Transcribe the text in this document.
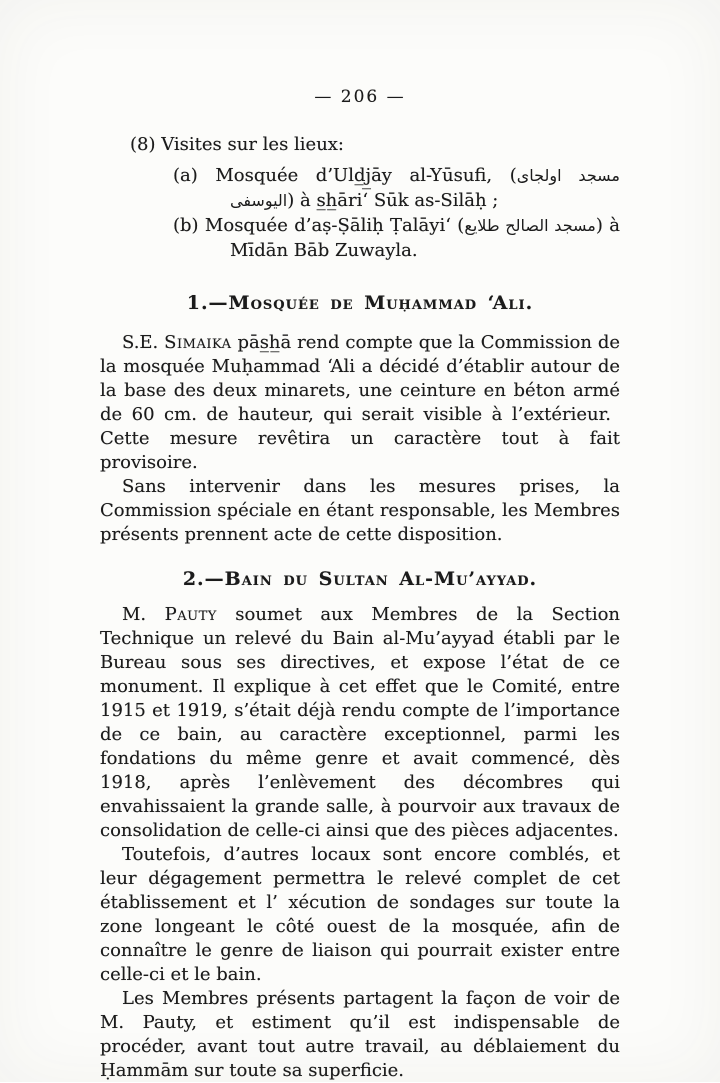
— 206 —
(8) Visites sur les lieux:
(a) Mosquée d’Uld̲j̲āy al-Yūsufi, (مسجد اولجاى اليوسفى) à s̲h̲āri‘ Sūk as-Silāḥ ;
(b) Mosquée d’aṣ-Ṣāliḥ Ṭalāyi‘ (مسجد الصالح طلايع) à Mīdān Bāb Zuwayla.
1.—Mosquée de Muḥammad ‘Ali.

S.E. Simaika pās̲h̲ā rend compte que la Commission de la mosquée Muḥammad ‘Ali a décidé d’établir autour de la base des deux minarets, une ceinture en béton armé de 60 cm. de hauteur, qui serait visible à l’extérieur. Cette mesure revêtira un caractère tout à fait provisoire.

Sans intervenir dans les mesures prises, la Commission spéciale en étant responsable, les Membres présents prennent acte de cette disposition.

2.—Bain du Sultan Al-Mu’ayyad.

M. Pauty soumet aux Membres de la Section Technique un relevé du Bain al-Mu’ayyad établi par le Bureau sous ses directives, et expose l’état de ce monument. Il explique à cet effet que le Comité, entre 1915 et 1919, s’était déjà rendu compte de l’importance de ce bain, au caractère exceptionnel, parmi les fondations du même genre et avait commencé, dès 1918, après l’enlèvement des décombres qui envahissaient la grande salle, à pourvoir aux travaux de consolidation de celle-ci ainsi que des pièces adjacentes.

Toutefois, d’autres locaux sont encore comblés, et leur dégagement permettra le relevé complet de cet établissement et l’ xécution de sondages sur toute la zone longeant le côté ouest de la mosquée, afin de connaître le genre de liaison qui pourrait exister entre celle-ci et le bain.

Les Membres présents partagent la façon de voir de M. Pauty, et estiment qu’il est indispensable de procéder, avant tout autre travail, au déblaiement du Ḥammām sur toute sa superficie.
